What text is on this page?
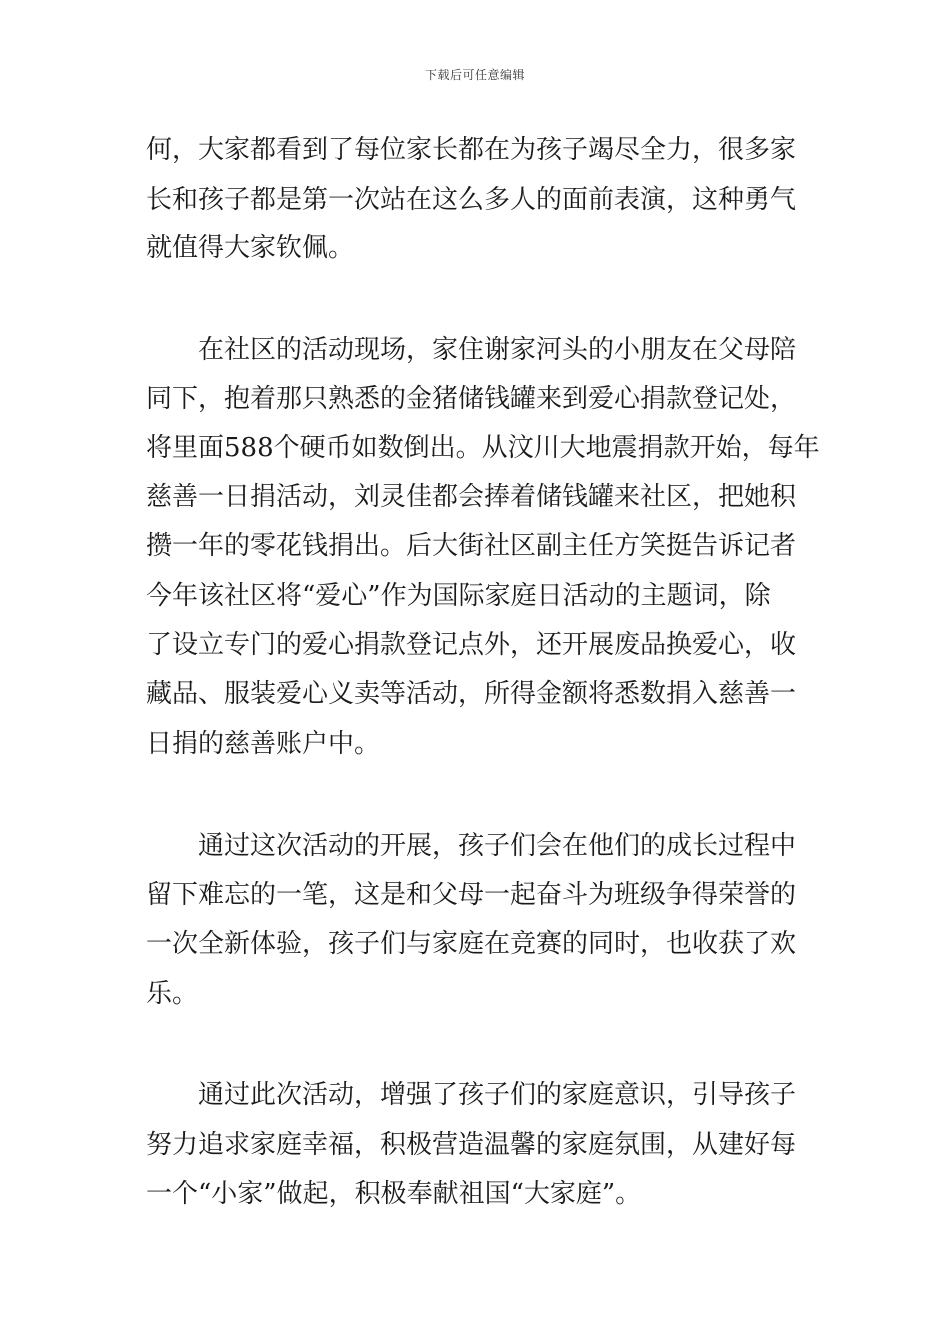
下载后可任意编辑
何，大家都看到了每位家长都在为孩子竭尽全力，很多家
长和孩子都是第一次站在这么多人的面前表演，这种勇气
就值得大家钦佩。
在社区的活动现场，家住谢家河头的小朋友在父母陪
同下，抱着那只熟悉的金猪储钱罐来到爱心捐款登记处，
将里面588个硬币如数倒出。从汶川大地震捐款开始，每年
慈善一日捐活动，刘灵佳都会捧着储钱罐来社区，把她积
攒一年的零花钱捐出。后大街社区副主任方笑挺告诉记者
今年该社区将“爱心”作为国际家庭日活动的主题词，除
了设立专门的爱心捐款登记点外，还开展废品换爱心，收
藏品、服装爱心义卖等活动，所得金额将悉数捐入慈善一
日捐的慈善账户中。
通过这次活动的开展，孩子们会在他们的成长过程中
留下难忘的一笔，这是和父母一起奋斗为班级争得荣誉的
一次全新体验，孩子们与家庭在竞赛的同时，也收获了欢
乐。
通过此次活动，增强了孩子们的家庭意识，引导孩子
努力追求家庭幸福，积极营造温馨的家庭氛围，从建好每
一个“小家”做起，积极奉献祖国“大家庭”。
